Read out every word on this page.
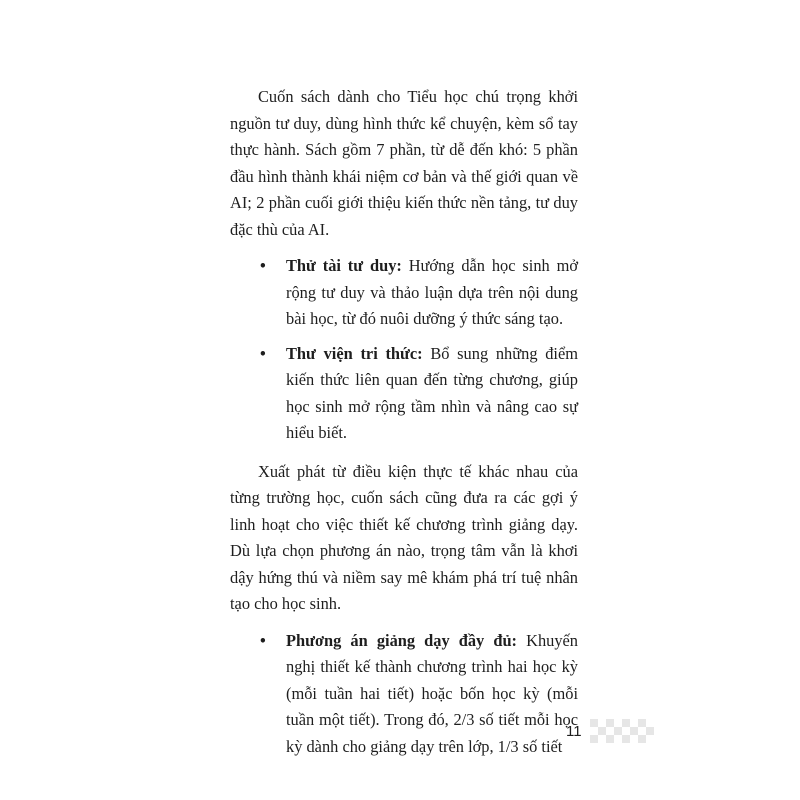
Cuốn sách dành cho Tiểu học chú trọng khởi nguồn tư duy, dùng hình thức kể chuyện, kèm sổ tay thực hành. Sách gồm 7 phần, từ dễ đến khó: 5 phần đầu hình thành khái niệm cơ bản và thế giới quan về AI; 2 phần cuối giới thiệu kiến thức nền tảng, tư duy đặc thù của AI.

• Thử tài tư duy: Hướng dẫn học sinh mở rộng tư duy và thảo luận dựa trên nội dung bài học, từ đó nuôi dưỡng ý thức sáng tạo.
• Thư viện tri thức: Bổ sung những điểm kiến thức liên quan đến từng chương, giúp học sinh mở rộng tầm nhìn và nâng cao sự hiểu biết.

Xuất phát từ điều kiện thực tế khác nhau của từng trường học, cuốn sách cũng đưa ra các gợi ý linh hoạt cho việc thiết kế chương trình giảng dạy. Dù lựa chọn phương án nào, trọng tâm vẫn là khơi dậy hứng thú và niềm say mê khám phá trí tuệ nhân tạo cho học sinh.

• Phương án giảng dạy đầy đủ: Khuyến nghị thiết kế thành chương trình hai học kỳ (mỗi tuần hai tiết) hoặc bốn học kỳ (mỗi tuần một tiết). Trong đó, 2/3 số tiết mỗi học kỳ dành cho giảng dạy trên lớp, 1/3 số tiết
11
